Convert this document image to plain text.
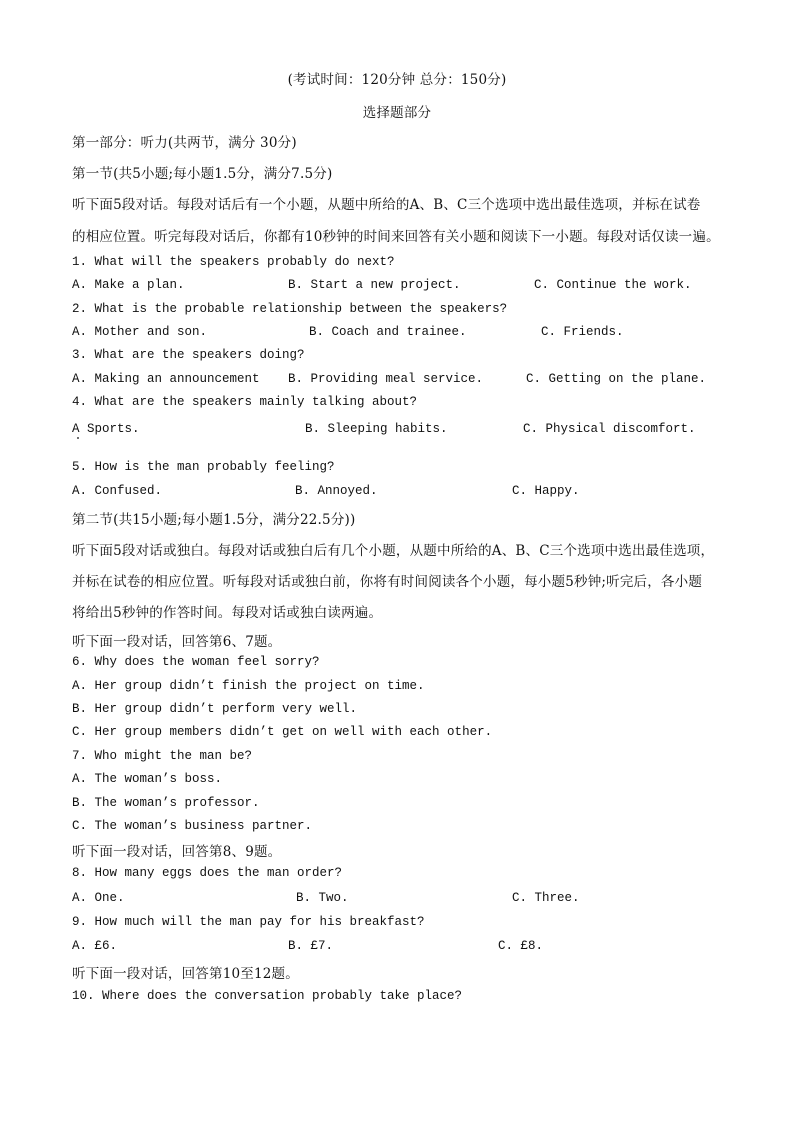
(考试时间：120分钟 总分：150分)
选择题部分
第一部分：听力(共两节，满分 30分)
第一节(共5小题;每小题1.5分，满分7.5分)
听下面5段对话。每段对话后有一个小题，从题中所给的A、B、C三个选项中选出最佳选项，并标在试卷
的相应位置。听完每段对话后，你都有10秒钟的时间来回答有关小题和阅读下一小题。每段对话仅读一遍。
1. What will the speakers probably do next?
A. Make a plan.	B. Start a new project.	C. Continue the work.
2. What is the probable relationship between the speakers?
A. Mother and son.	B. Coach and trainee.	C. Friends.
3. What are the speakers doing?
A. Making an announcement B. Providing meal service.	C. Getting on the plane.
4. What are the speakers mainly talking about?
A Sports.	B. Sleeping habits.	C. Physical discomfort.
5. How is the man probably feeling?
A. Confused.	B. Annoyed.	C. Happy.
第二节(共15小题;每小题1.5分，满分22.5分))
听下面5段对话或独白。每段对话或独白后有几个小题，从题中所给的A、B、C三个选项中选出最佳选项，
并标在试卷的相应位置。听每段对话或独白前，你将有时间阅读各个小题，每小题5秒钟;听完后，各小题
将给出5秒钟的作答时间。每段对话或独白读两遍。
听下面一段对话，回答第6、7题。
6. Why does the woman feel sorry?
A. Her group didn’t finish the project on time.
B. Her group didn’t perform very well.
C. Her group members didn’t get on well with each other.
7. Who might the man be?
A. The woman’s boss.
B. The woman’s professor.
C. The woman’s business partner.
听下面一段对话，回答第8、9题。
8. How many eggs does the man order?
A. One.	B. Two.	C. Three.
9. How much will the man pay for his breakfast?
A. £6.	B. £7.	C. £8.
听下面一段对话，回答第10至12题。
10. Where does the conversation probably take place?
